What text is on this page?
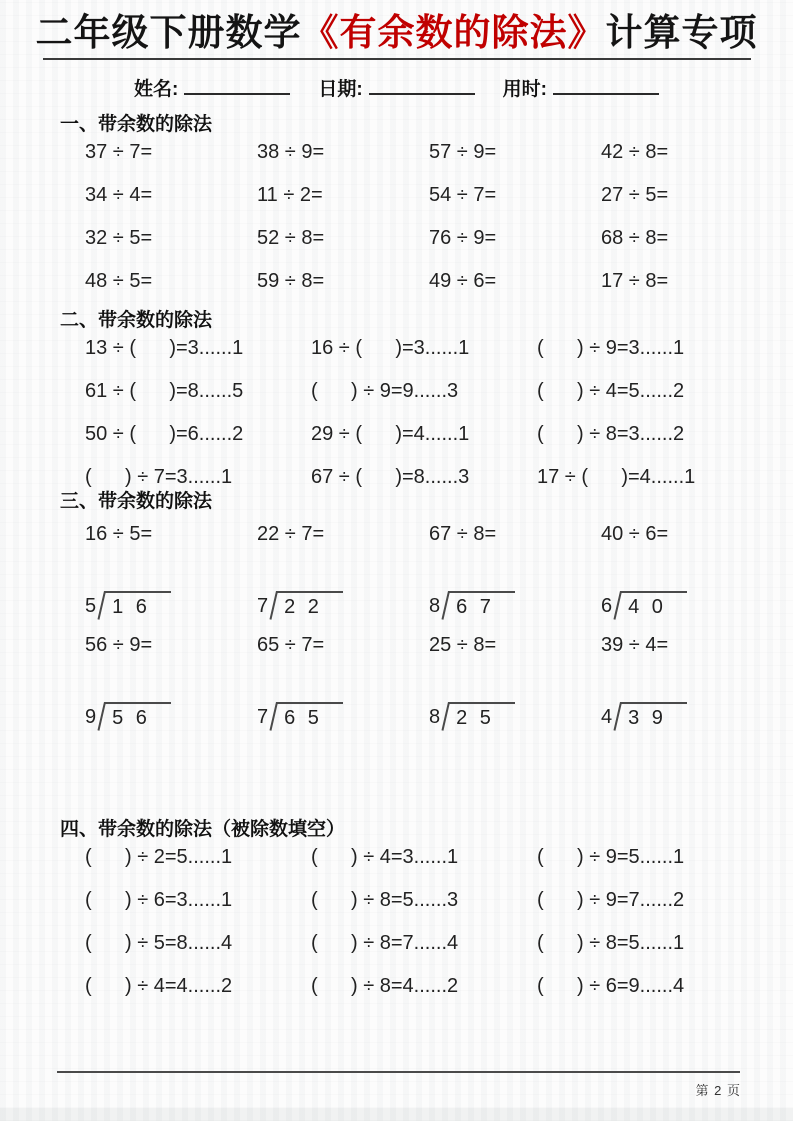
二年级下册数学《有余数的除法》计算专项
姓名:	日期:	用时:
一、带余数的除法
37 ÷ 7=	38 ÷ 9=	57 ÷ 9=	42 ÷ 8=
34 ÷ 4=	11 ÷ 2=	54 ÷ 7=	27 ÷ 5=
32 ÷ 5=	52 ÷ 8=	76 ÷ 9=	68 ÷ 8=
48 ÷ 5=	59 ÷ 8=	49 ÷ 6=	17 ÷ 8=
二、带余数的除法
13 ÷ (      )=3......1	16 ÷ (      )=3......1	(      ) ÷ 9=3......1
61 ÷ (      )=8......5	(      ) ÷ 9=9......3	(      ) ÷ 4=5......2
50 ÷ (      )=6......2	29 ÷ (      )=4......1	(      ) ÷ 8=3......2
(      ) ÷ 7=3......1	67 ÷ (      )=8......3	17 ÷ (      )=4......1
三、带余数的除法
16 ÷ 5=	22 ÷ 7=	67 ÷ 8=	40 ÷ 6=
5 1 6	7 2 2	8 6 7	6 4 0
56 ÷ 9=	65 ÷ 7=	25 ÷ 8=	39 ÷ 4=
9 5 6	7 6 5	8 2 5	4 3 9
四、带余数的除法（被除数填空）
(      ) ÷ 2=5......1	(      ) ÷ 4=3......1	(      ) ÷ 9=5......1
(      ) ÷ 6=3......1	(      ) ÷ 8=5......3	(      ) ÷ 9=7......2
(      ) ÷ 5=8......4	(      ) ÷ 8=7......4	(      ) ÷ 8=5......1
(      ) ÷ 4=4......2	(      ) ÷ 8=4......2	(      ) ÷ 6=9......4
第 2 页
